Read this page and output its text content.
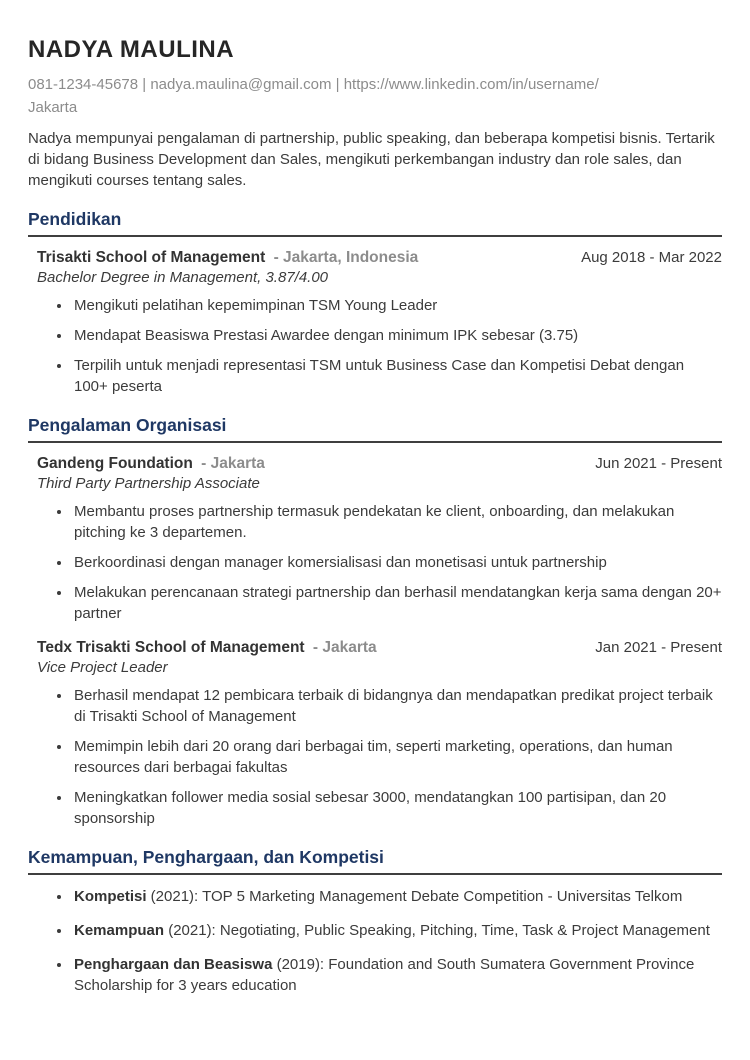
NADYA MAULINA
081-1234-45678 | nadya.maulina@gmail.com | https://www.linkedin.com/in/username/
Jakarta

Nadya mempunyai pengalaman di partnership, public speaking, dan beberapa kompetisi bisnis. Tertarik di bidang Business Development dan Sales, mengikuti perkembangan industry dan role sales, dan mengikuti courses tentang sales.

Pendidikan
Trisakti School of Management - Jakarta, Indonesia	Aug 2018 - Mar 2022
Bachelor Degree in Management, 3.87/4.00
• Mengikuti pelatihan kepemimpinan TSM Young Leader
• Mendapat Beasiswa Prestasi Awardee dengan minimum IPK sebesar (3.75)
• Terpilih untuk menjadi representasi TSM untuk Business Case dan Kompetisi Debat dengan 100+ peserta
Pengalaman Organisasi
Gandeng Foundation - Jakarta	Jun 2021 - Present
Third Party Partnership Associate
• Membantu proses partnership termasuk pendekatan ke client, onboarding, dan melakukan pitching ke 3 departemen.
• Berkoordinasi dengan manager komersialisasi dan monetisasi untuk partnership
• Melakukan perencanaan strategi partnership dan berhasil mendatangkan kerja sama dengan 20+ partner
Tedx Trisakti School of Management - Jakarta	Jan 2021 - Present
Vice Project Leader
• Berhasil mendapat 12 pembicara terbaik di bidangnya dan mendapatkan predikat project terbaik di Trisakti School of Management
• Memimpin lebih dari 20 orang dari berbagai tim, seperti marketing, operations, dan human resources dari berbagai fakultas
• Meningkatkan follower media sosial sebesar 3000, mendatangkan 100 partisipan, dan 20 sponsorship
Kemampuan, Penghargaan, dan Kompetisi
• Kompetisi (2021): TOP 5 Marketing Management Debate Competition - Universitas Telkom
• Kemampuan (2021): Negotiating, Public Speaking, Pitching, Time, Task & Project Management
• Penghargaan dan Beasiswa (2019): Foundation and South Sumatera Government Province Scholarship for 3 years education
